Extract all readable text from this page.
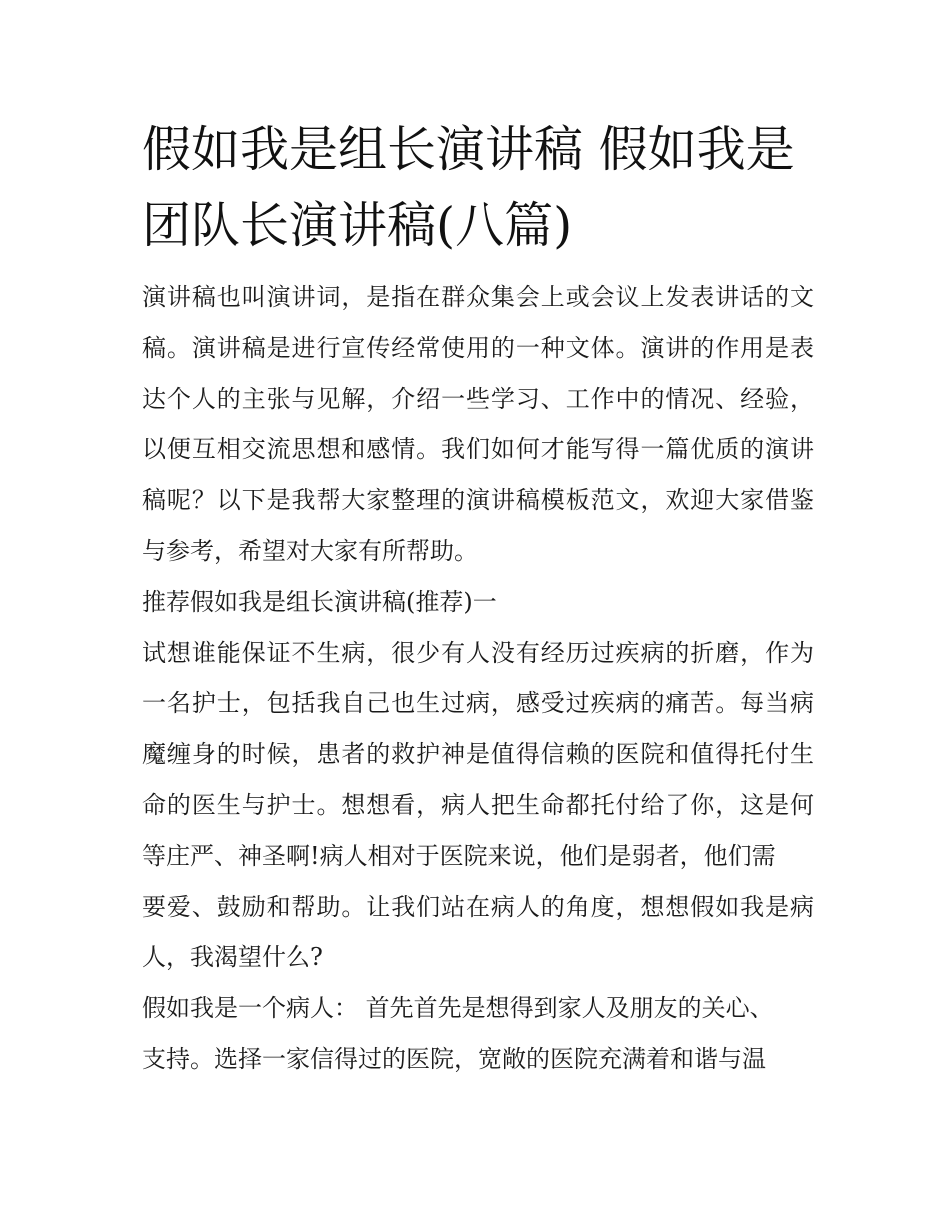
假如我是组长演讲稿 假如我是
团队长演讲稿(八篇)
演讲稿也叫演讲词，是指在群众集会上或会议上发表讲话的文
稿。演讲稿是进行宣传经常使用的一种文体。演讲的作用是表
达个人的主张与见解，介绍一些学习、工作中的情况、经验，
以便互相交流思想和感情。我们如何才能写得一篇优质的演讲
稿呢？以下是我帮大家整理的演讲稿模板范文，欢迎大家借鉴
与参考，希望对大家有所帮助。
推荐假如我是组长演讲稿(推荐)一
试想谁能保证不生病，很少有人没有经历过疾病的折磨，作为
一名护士，包括我自己也生过病，感受过疾病的痛苦。每当病
魔缠身的时候，患者的救护神是值得信赖的医院和值得托付生
命的医生与护士。想想看，病人把生命都托付给了你，这是何
等庄严、神圣啊!病人相对于医院来说，他们是弱者，他们需
要爱、鼓励和帮助。让我们站在病人的角度，想想假如我是病
人，我渴望什么?
假如我是一个病人： 首先首先是想得到家人及朋友的关心、
支持。选择一家信得过的医院，宽敞的医院充满着和谐与温
